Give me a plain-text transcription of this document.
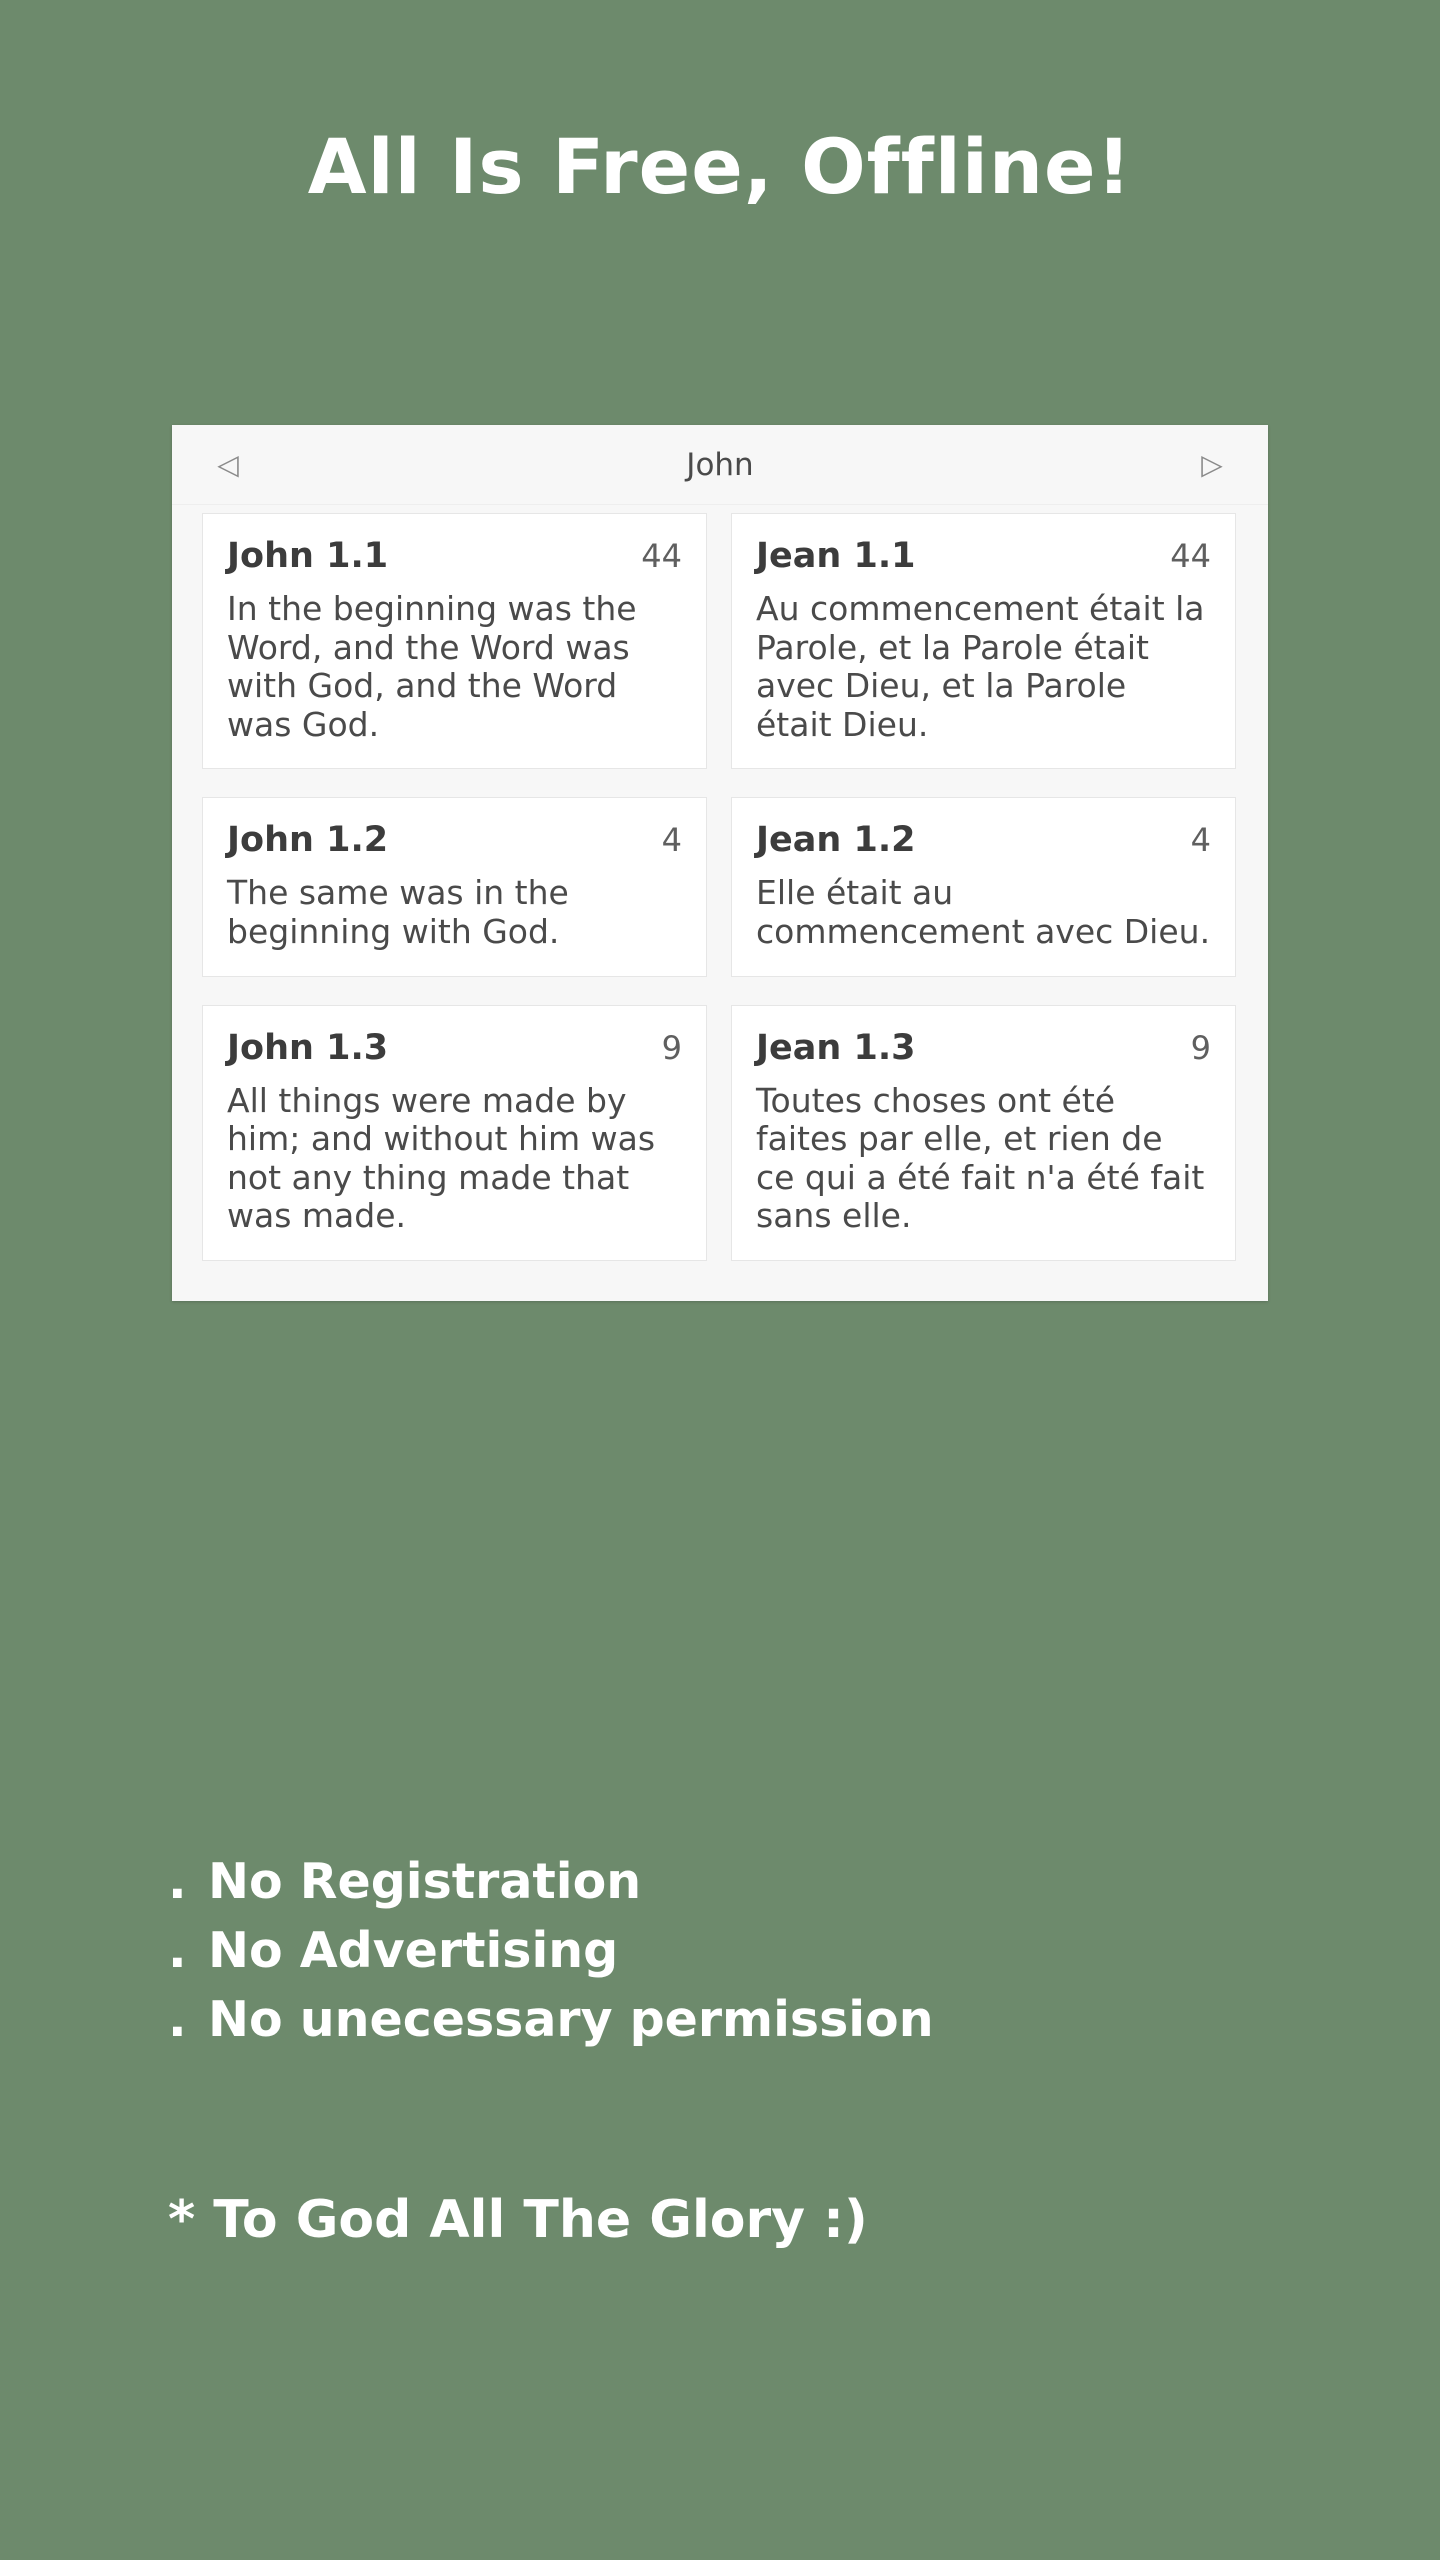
All Is Free, Offline!
◁	John	▷
John 1.1	44
In the beginning was the Word, and the Word was with God, and the Word was God.
Jean 1.1	44
Au commencement était la Parole, et la Parole était avec Dieu, et la Parole était Dieu.
John 1.2	4
The same was in the beginning with God.
Jean 1.2	4
Elle était au commencement avec Dieu.
John 1.3	9
All things were made by him; and without him was not any thing made that was made.
Jean 1.3	9
Toutes choses ont été faites par elle, et rien de ce qui a été fait n'a été fait sans elle.
. No Registration
. No Advertising
. No unecessary permission
* To God All The Glory :)
